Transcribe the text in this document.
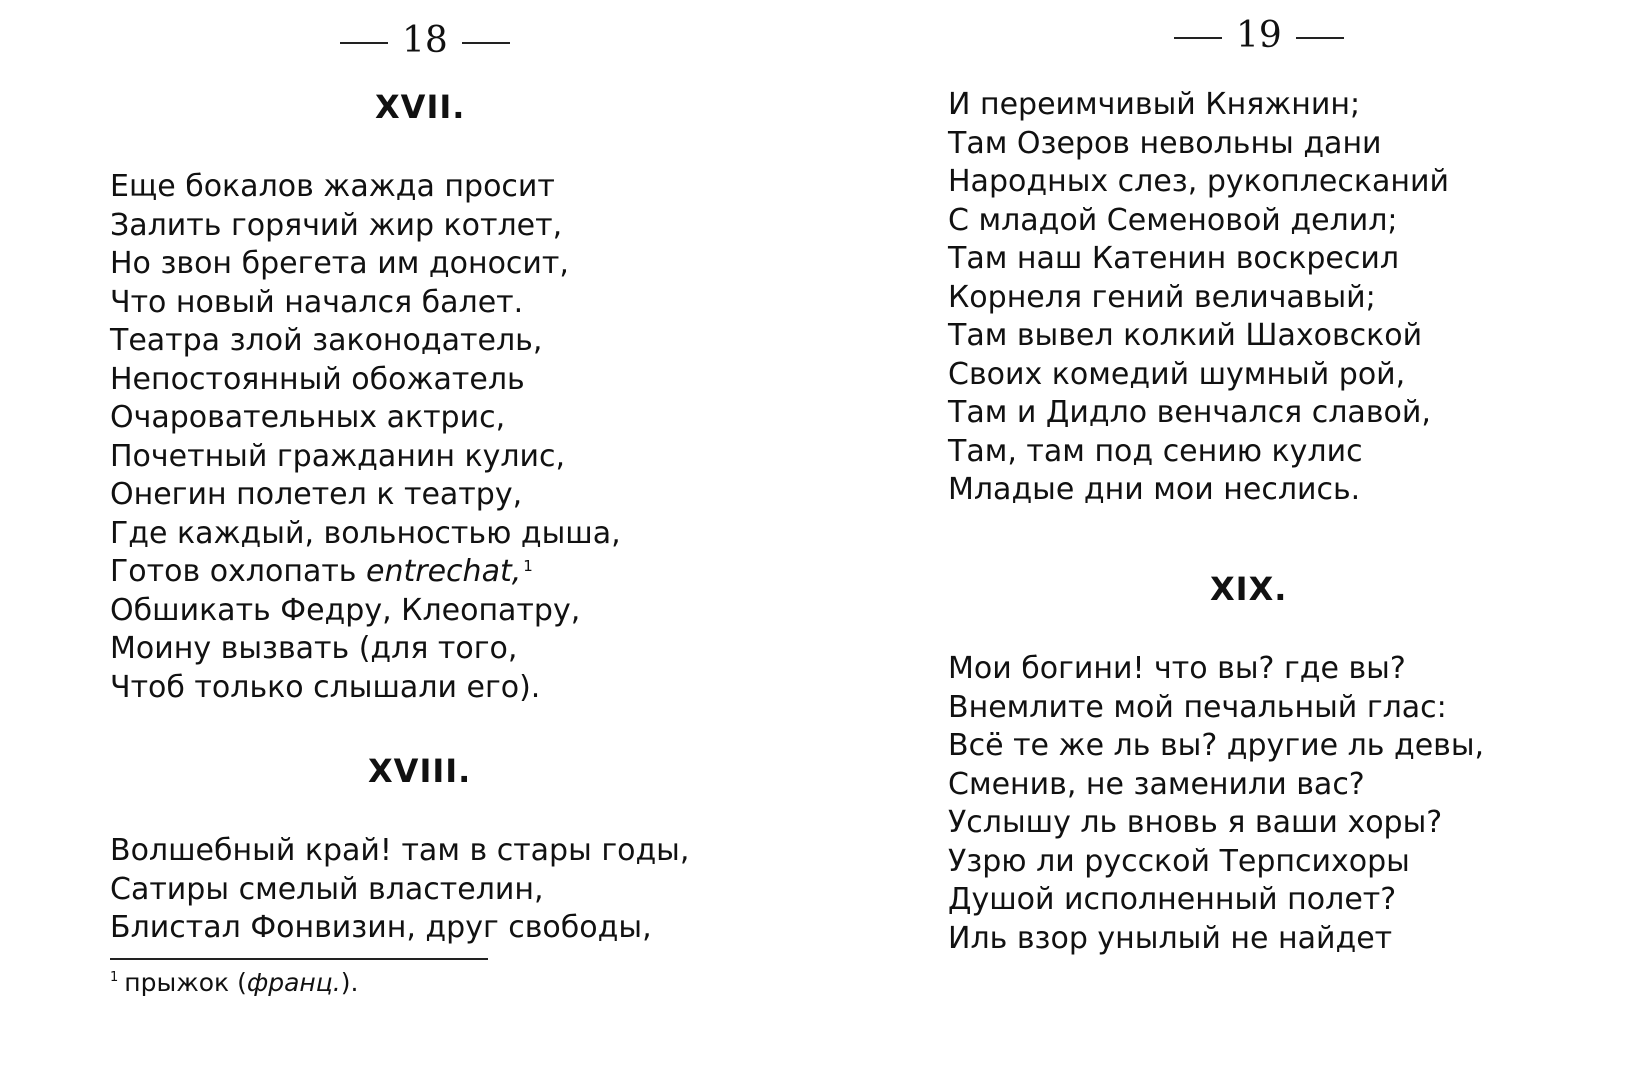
18
XVII.
Еще бокалов жажда просит
Залить горячий жир котлет,
Но звон брегета им доносит,
Что новый начался балет.
Театра злой законодатель,
Непостоянный обожатель
Очаровательных актрис,
Почетный гражданин кулис,
Онегин полетел к театру,
Где каждый, вольностью дыша,
Готов охлопать entrechat, $^1$
Обшикать Федру, Клеопатру,
Моину вызвать (для того,
Чтоб только слышали его).
XVIII.
Волшебный край! там в стары годы,
Сатиры смелый властелин,
Блистал Фонвизин, друг свободы,
$^1$ прыжок (франц.).
19
И переимчивый Княжнин;
Там Озеров невольны дани
Народных слез, рукоплесканий
С младой Семеновой делил;
Там наш Катенин воскресил
Корнеля гений величавый;
Там вывел колкий Шаховской
Своих комедий шумный рой,
Там и Дидло венчался славой,
Там, там под сению кулис
Младые дни мои неслись.
XIX.
Мои богини! что вы? где вы?
Внемлите мой печальный глас:
Всё те же ль вы? другие ль девы,
Сменив, не заменили вас?
Услышу ль вновь я ваши хоры?
Узрю ли русской Терпсихоры
Душой исполненный полет?
Иль взор унылый не найдет
